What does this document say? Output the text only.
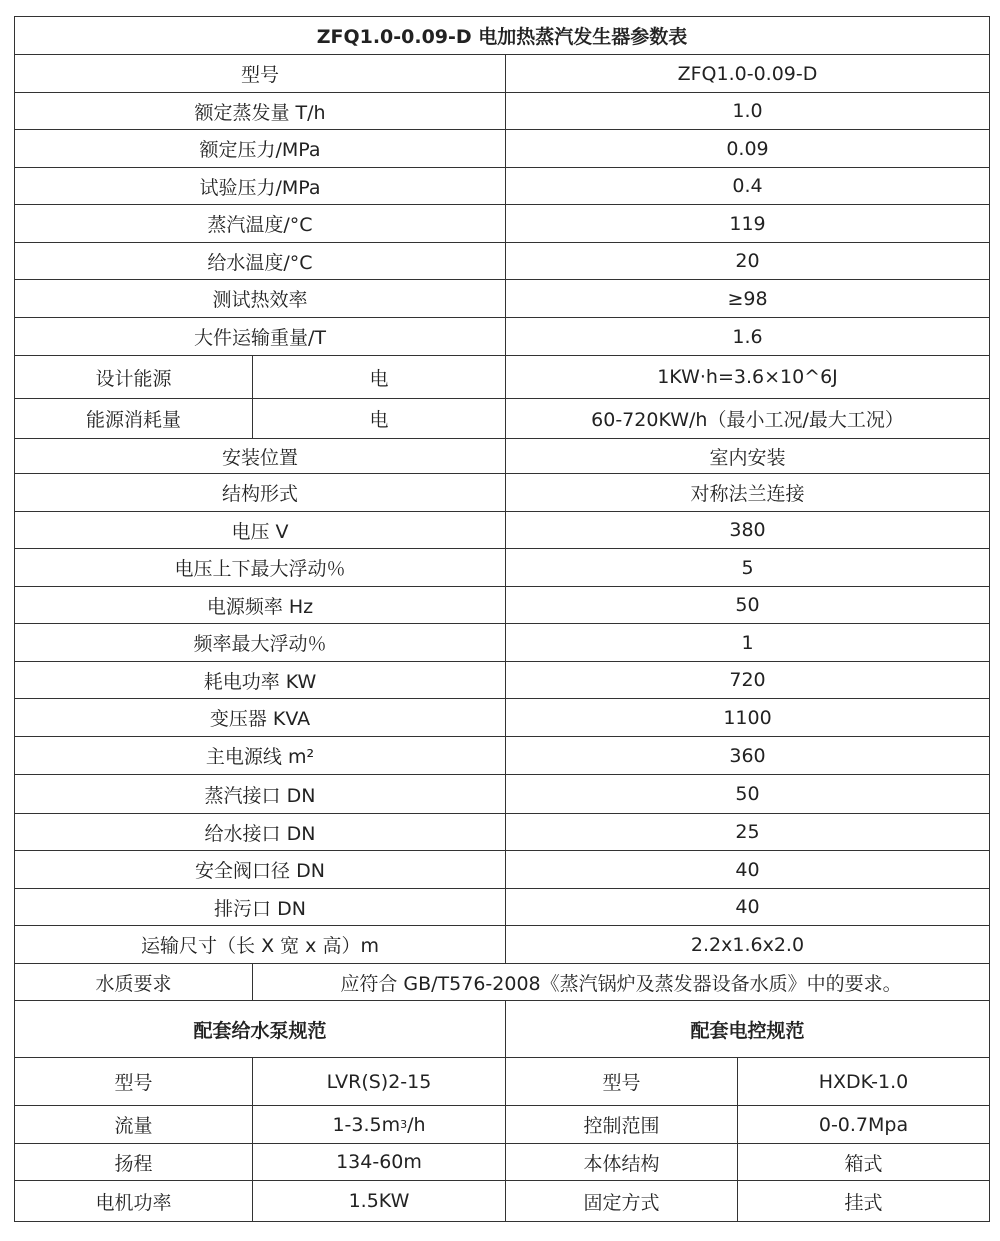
ZFQ1.0-0.09-D 电加热蒸汽发生器参数表
型号	ZFQ1.0-0.09-D
额定蒸发量 T/h	1.0
额定压力/MPa	0.09
试验压力/MPa	0.4
蒸汽温度/°C	119
给水温度/°C	20
测试热效率	≥98
大件运输重量/T	1.6
设计能源	电	1KW·h=3.6×10^6J
能源消耗量	电	60-720KW/h（最小工况/最大工况）
安装位置	室内安装
结构形式	对称法兰连接
电压 V	380
电压上下最大浮动％	5
电源频率 Hz	50
频率最大浮动％	1
耗电功率 KW	720
变压器 KVA	1100
主电源线 m²	360
蒸汽接口 DN	50
给水接口 DN	25
安全阀口径 DN	40
排污口 DN	40
运输尺寸（长 X 宽 x 高）m	2.2x1.6x2.0
水质要求	应符合 GB/T576-2008《蒸汽锅炉及蒸发器设备水质》中的要求。
配套给水泵规范	配套电控规范
型号	LVR(S)2-15	型号	HXDK-1.0
流量	1-3.5m 3 /h	控制范围	0-0.7Mpa
扬程	134-60m	本体结构	箱式
电机功率	1.5KW	固定方式	挂式
